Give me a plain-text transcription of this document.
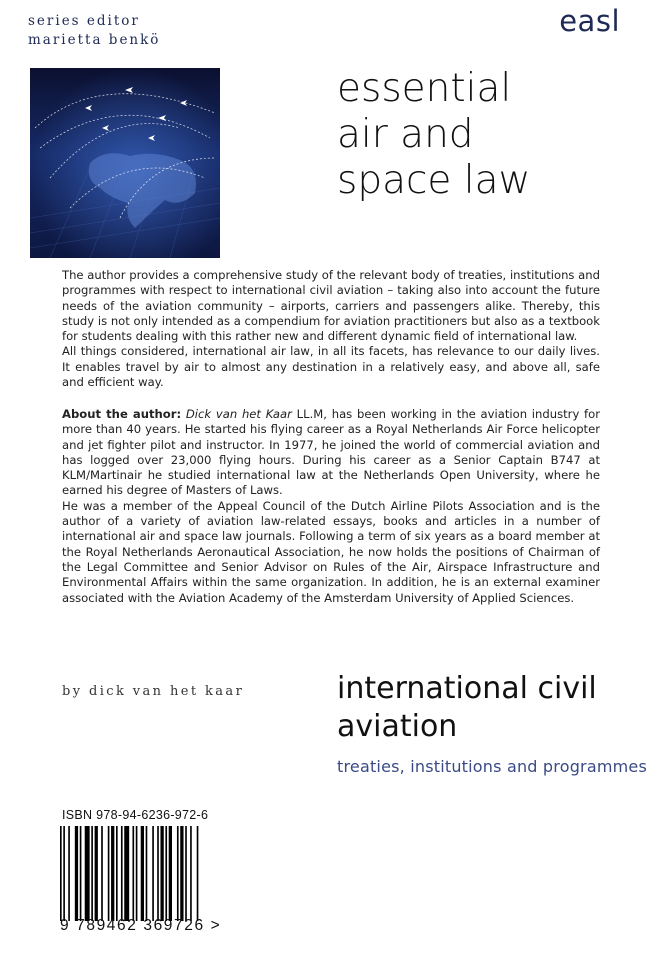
series editor
marietta benkö
easl
essential
air and
space law

The author provides a comprehensive study of the relevant body of treaties, institutions and programmes with respect to international civil aviation – taking also into account the future needs of the aviation community – airports, carriers and passengers alike. Thereby, this study is not only intended as a compendium for aviation practitioners but also as a textbook for students dealing with this rather new and different dynamic field of international law.

All things considered, international air law, in all its facets, has relevance to our daily lives. It enables travel by air to almost any destination in a relatively easy, and above all, safe and efficient way.

About the author: Dick van het Kaar LL.M, has been working in the aviation industry for more than 40 years. He started his flying career as a Royal Netherlands Air Force helicopter and jet fighter pilot and instructor. In 1977, he joined the world of commercial aviation and has logged over 23,000 flying hours. During his career as a Senior Captain B747 at KLM/Martinair he studied international law at the Netherlands Open University, where he earned his degree of Masters of Laws.

He was a member of the Appeal Council of the Dutch Airline Pilots Association and is the author of a variety of aviation law-related essays, books and articles in a number of international air and space law journals. Following a term of six years as a board member at the Royal Netherlands Aeronautical Association, he now holds the positions of Chairman of the Legal Committee and Senior Advisor on Rules of the Air, Airspace Infrastructure and Environmental Affairs within the same organization. In addition, he is an external examiner associated with the Aviation Academy of the Amsterdam University of Applied Sciences.

by dick van het kaar	international civil
aviation
treaties, institutions and programmes
ISBN 978-94-6236-972-6
9 789462 369726 >
